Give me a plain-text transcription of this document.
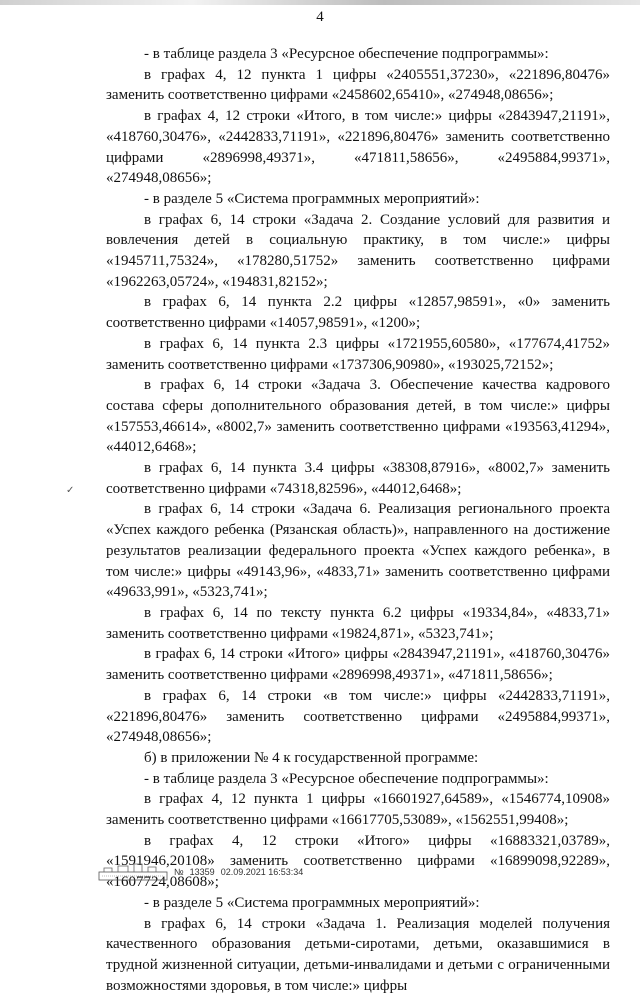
4

- в таблице раздела 3 «Ресурсное обеспечение подпрограммы»:

в графах 4, 12 пункта 1 цифры «2405551,37230», «221896,80476» заменить соответственно цифрами «2458602,65410», «274948,08656»;

в графах 4, 12 строки «Итого, в том числе:» цифры «2843947,21191», «418760,30476», «2442833,71191», «221896,80476» заменить соответственно цифрами «2896998,49371», «471811,58656», «2495884,99371», «274948,08656»;

- в разделе 5 «Система программных мероприятий»:

в графах 6, 14 строки «Задача 2. Создание условий для развития и вовлечения детей в социальную практику, в том числе:» цифры «1945711,75324», «178280,51752» заменить соответственно цифрами «1962263,05724», «194831,82152»;

в графах 6, 14 пункта 2.2 цифры «12857,98591», «0» заменить соответственно цифрами «14057,98591», «1200»;

в графах 6, 14 пункта 2.3 цифры «1721955,60580», «177674,41752» заменить соответственно цифрами «1737306,90980», «193025,72152»;

в графах 6, 14 строки «Задача 3. Обеспечение качества кадрового состава сферы дополнительного образования детей, в том числе:» цифры «157553,46614», «8002,7» заменить соответственно цифрами «193563,41294», «44012,6468»;

в графах 6, 14 пункта 3.4 цифры «38308,87916», «8002,7» заменить соответственно цифрами «74318,82596», «44012,6468»;

в графах 6, 14 строки «Задача 6. Реализация регионального проекта «Успех каждого ребенка (Рязанская область)», направленного на достижение результатов реализации федерального проекта «Успех каждого ребенка», в том числе:» цифры «49143,96», «4833,71» заменить соответственно цифрами «49633,991», «5323,741»;

в графах 6, 14 по тексту пункта 6.2 цифры «19334,84», «4833,71» заменить соответственно цифрами «19824,871», «5323,741»;

в графах 6, 14 строки «Итого» цифры «2843947,21191», «418760,30476» заменить соответственно цифрами «2896998,49371», «471811,58656»;

в графах 6, 14 строки «в том числе:» цифры «2442833,71191», «221896,80476» заменить соответственно цифрами «2495884,99371», «274948,08656»;

б) в приложении № 4 к государственной программе:

- в таблице раздела 3 «Ресурсное обеспечение подпрограммы»:

в графах 4, 12 пункта 1 цифры «16601927,64589», «1546774,10908» заменить соответственно цифрами «16617705,53089», «1562551,99408»;

в графах 4, 12 строки «Итого» цифры «16883321,03789», «1591946,20108» заменить соответственно цифрами «16899098,92289», «1607724,08608»;

- в разделе 5 «Система программных мероприятий»:

в графах 6, 14 строки «Задача 1. Реализация моделей получения качественного образования детьми-сиротами, детьми, оказавшимися в трудной жизненной ситуации, детьми-инвалидами и детьми с ограниченными возможностями здоровья, в том числе:» цифры

✓
№ 13359 02.09.2021 16:53:34
